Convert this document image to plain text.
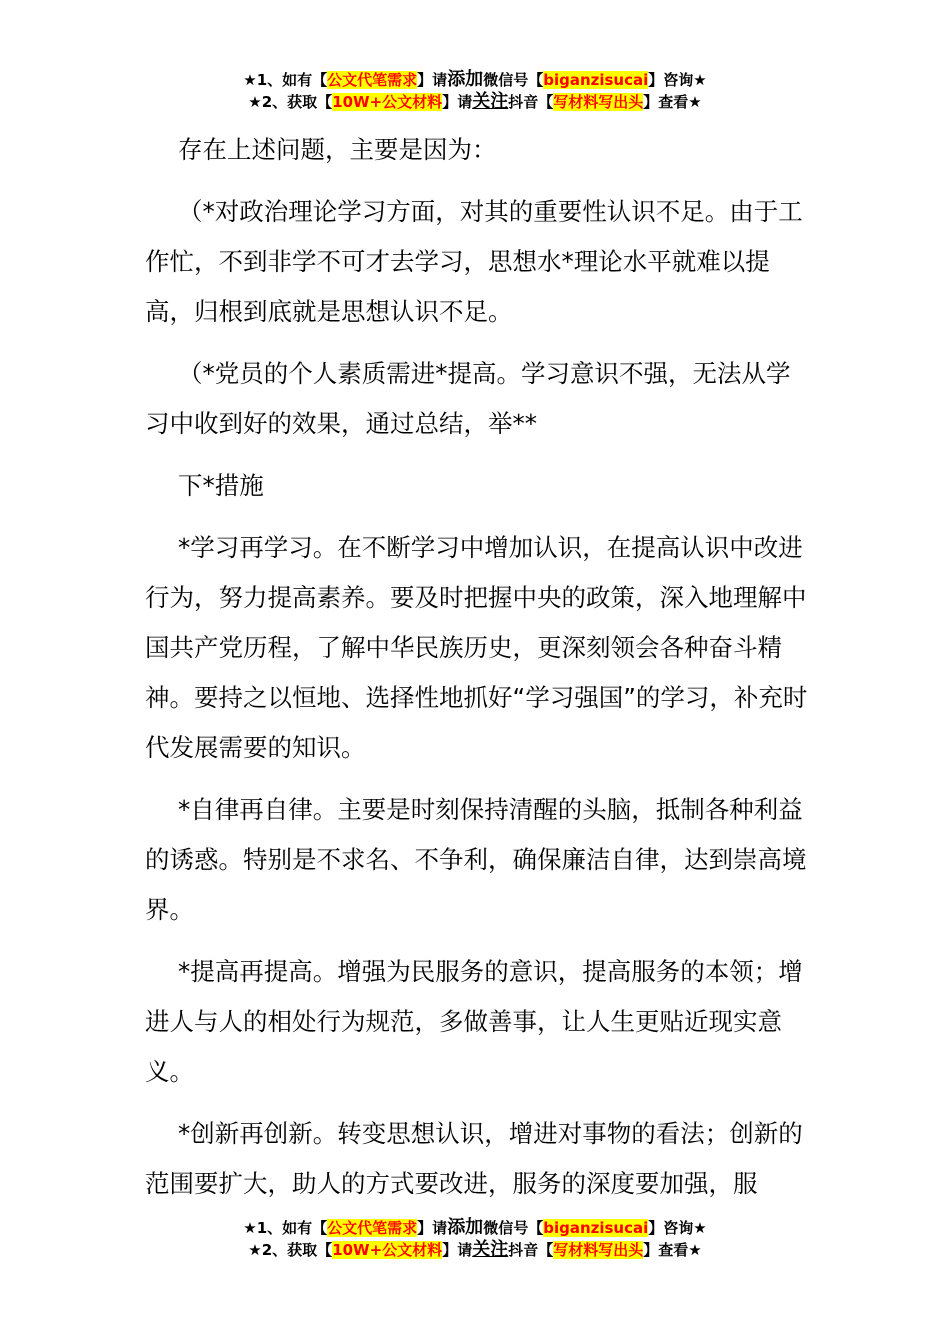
★1、如有【公文代笔需求】请添加微信号【biganzisucai】咨询★
★2、获取【10W+公文材料】请关注抖音【写材料写出头】查看★

存在上述问题，主要是因为：

（*对政治理论学习方面，对其的重要性认识不足。由于工作忙，不到非学不可才去学习，思想水*理论水平就难以提高，归根到底就是思想认识不足。

（*党员的个人素质需进*提高。学习意识不强，无法从学习中收到好的效果，通过总结，举**

下*措施

*学习再学习。在不断学习中增加认识，在提高认识中改进行为，努力提高素养。要及时把握中央的政策，深入地理解中国共产党历程，了解中华民族历史，更深刻领会各种奋斗精神。要持之以恒地、选择性地抓好“学习强国”的学习，补充时代发展需要的知识。

*自律再自律。主要是时刻保持清醒的头脑，抵制各种利益的诱惑。特别是不求名、不争利，确保廉洁自律，达到崇高境界。

*提高再提高。增强为民服务的意识，提高服务的本领；增进人与人的相处行为规范，多做善事，让人生更贴近现实意义。

*创新再创新。转变思想认识，增进对事物的看法；创新的范围要扩大，助人的方式要改进，服务的深度要加强，服

★1、如有【公文代笔需求】请添加微信号【biganzisucai】咨询★
★2、获取【10W+公文材料】请关注抖音【写材料写出头】查看★
